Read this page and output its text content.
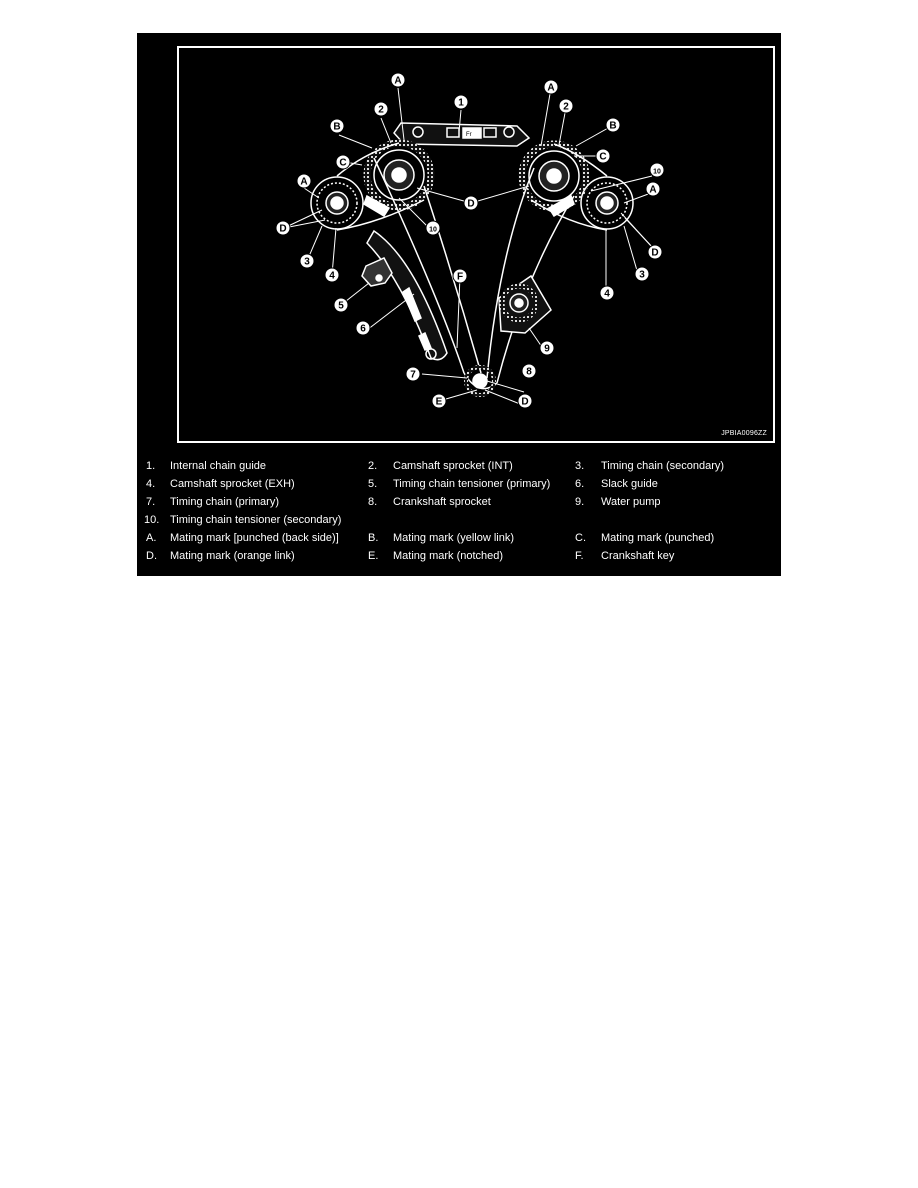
Fr
1
A
2
B
C
A
D
3
4
10
D
5
6
F
7
E
8
D
9
A
2
B
C
10
A
D
3
4
JPBIA0096ZZ
1. Internal chain guide	2. Camshaft sprocket (INT)	3. Timing chain (secondary)
4. Camshaft sprocket (EXH)	5. Timing chain tensioner (primary) 6. Slack guide
7. Timing chain (primary)	8. Crankshaft sprocket	9. Water pump
10. Timing chain tensioner (secondary)
A. Mating mark [punched (back side)]	B. Mating mark (yellow link)	C. Mating mark (punched)
D. Mating mark (orange link)	E. Mating mark (notched)	F. Crankshaft key
